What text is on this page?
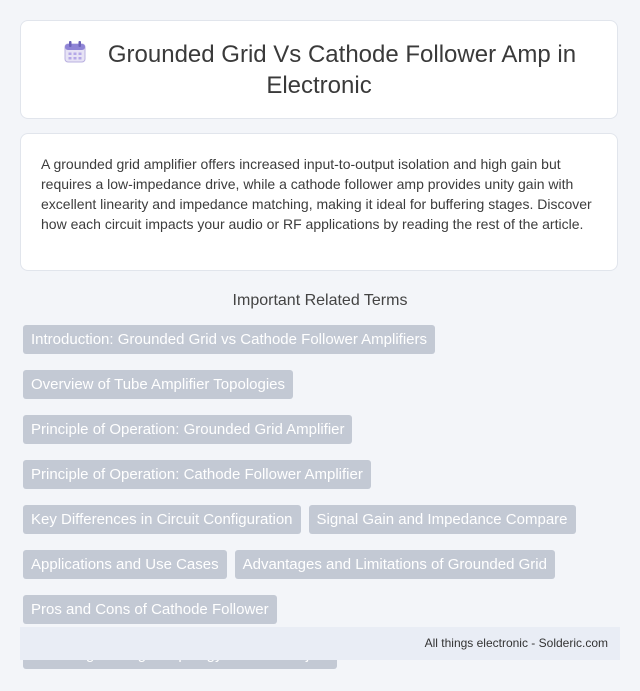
Grounded Grid Vs Cathode Follower Amp in Electronic

A grounded grid amplifier offers increased input-to-output isolation and high gain but requires a low-impedance drive, while a cathode follower amp provides unity gain with excellent linearity and impedance matching, making it ideal for buffering stages. Discover how each circuit impacts your audio or RF applications by reading the rest of the article.

Important Related Terms
Introduction: Grounded Grid vs Cathode Follower Amplifiers
Overview of Tube Amplifier Topologies
Principle of Operation: Grounded Grid Amplifier
Principle of Operation: Cathode Follower Amplifier
Key Differences in Circuit Configuration	Signal Gain and Impedance Compare
Applications and Use Cases	Advantages and Limitations of Grounded Grid
Pros and Cons of Cathode Follower
All things electronic - Solderic.com
